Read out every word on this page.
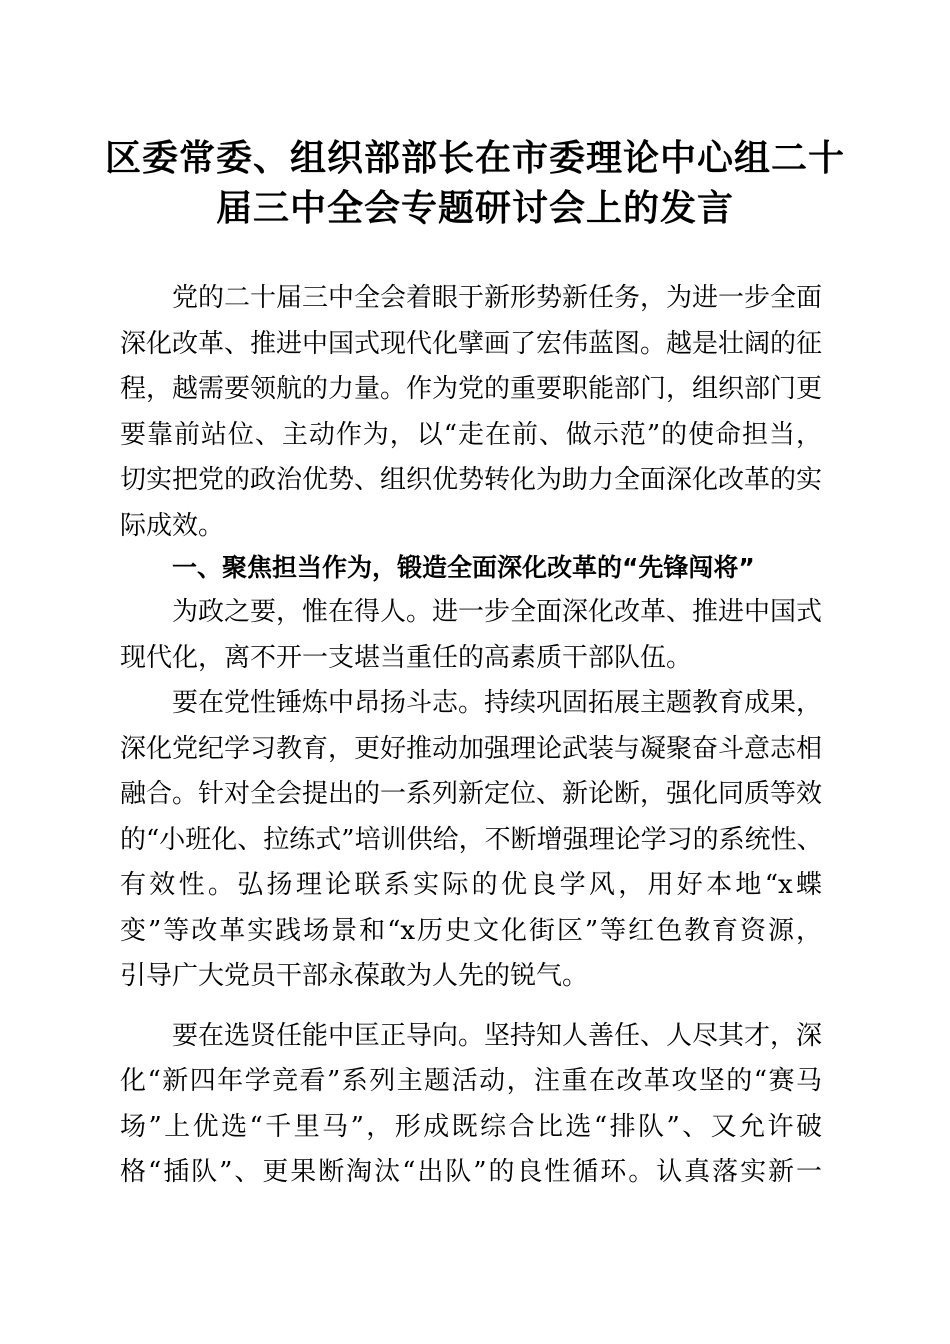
区委常委、组织部部长在市委理论中心组二十
届三中全会专题研讨会上的发言
党的二十届三中全会着眼于新形势新任务，为进一步全面
深化改革、推进中国式现代化擘画了宏伟蓝图。越是壮阔的征
程，越需要领航的力量。作为党的重要职能部门，组织部门更
要靠前站位、主动作为，以“走在前、做示范”的使命担当，
切实把党的政治优势、组织优势转化为助力全面深化改革的实
际成效。
一、聚焦担当作为，锻造全面深化改革的“先锋闯将”
为政之要，惟在得人。进一步全面深化改革、推进中国式
现代化，离不开一支堪当重任的高素质干部队伍。
要在党性锤炼中昂扬斗志。持续巩固拓展主题教育成果，
深化党纪学习教育，更好推动加强理论武装与凝聚奋斗意志相
融合。针对全会提出的一系列新定位、新论断，强化同质等效
的“小班化、拉练式”培训供给，不断增强理论学习的系统性、
有效性。弘扬理论联系实际的优良学风，用好本地“x蝶
变”等改革实践场景和“x历史文化街区”等红色教育资源，
引导广大党员干部永葆敢为人先的锐气。
要在选贤任能中匡正导向。坚持知人善任、人尽其才，深
化“新四年学竞看”系列主题活动，注重在改革攻坚的“赛马
场”上优选“千里马”，形成既综合比选“排队”、又允许破
格“插队”、更果断淘汰“出队”的良性循环。认真落实新一
